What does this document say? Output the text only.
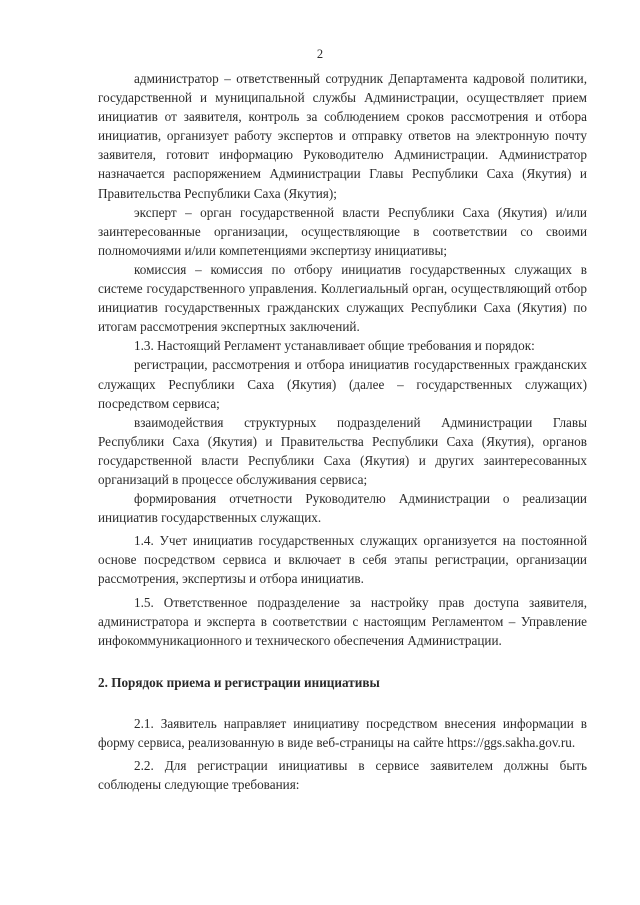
2

администратор – ответственный сотрудник Департамента кадровой политики, государственной и муниципальной службы Администрации, осуществляет прием инициатив от заявителя, контроль за соблюдением сроков рассмотрения и отбора инициатив, организует работу экспертов и отправку ответов на электронную почту заявителя, готовит информацию Руководителю Администрации. Администратор назначается распоряжением Администрации Главы Республики Саха (Якутия) и Правительства Республики Саха (Якутия);

эксперт – орган государственной власти Республики Саха (Якутия) и/или заинтересованные организации, осуществляющие в соответствии со своими полномочиями и/или компетенциями экспертизу инициативы;

комиссия – комиссия по отбору инициатив государственных служащих в системе государственного управления. Коллегиальный орган, осуществляющий отбор инициатив государственных гражданских служащих Республики Саха (Якутия) по итогам рассмотрения экспертных заключений.

1.3. Настоящий Регламент устанавливает общие требования и порядок:

регистрации, рассмотрения и отбора инициатив государственных гражданских служащих Республики Саха (Якутия) (далее – государственных служащих) посредством сервиса;

взаимодействия структурных подразделений Администрации Главы Республики Саха (Якутия) и Правительства Республики Саха (Якутия), органов государственной власти Республики Саха (Якутия) и других заинтересованных организаций в процессе обслуживания сервиса;

формирования отчетности Руководителю Администрации о реализации инициатив государственных служащих.

1.4. Учет инициатив государственных служащих организуется на постоянной основе посредством сервиса и включает в себя этапы регистрации, организации рассмотрения, экспертизы и отбора инициатив.

1.5. Ответственное подразделение за настройку прав доступа заявителя, администратора и эксперта в соответствии с настоящим Регламентом – Управление инфокоммуникационного и технического обеспечения Администрации.

2. Порядок приема и регистрации инициативы

2.1. Заявитель направляет инициативу посредством внесения информации в форму сервиса, реализованную в виде веб-страницы на сайте https://ggs.sakha.gov.ru.

2.2. Для регистрации инициативы в сервисе заявителем должны быть соблюдены следующие требования:
